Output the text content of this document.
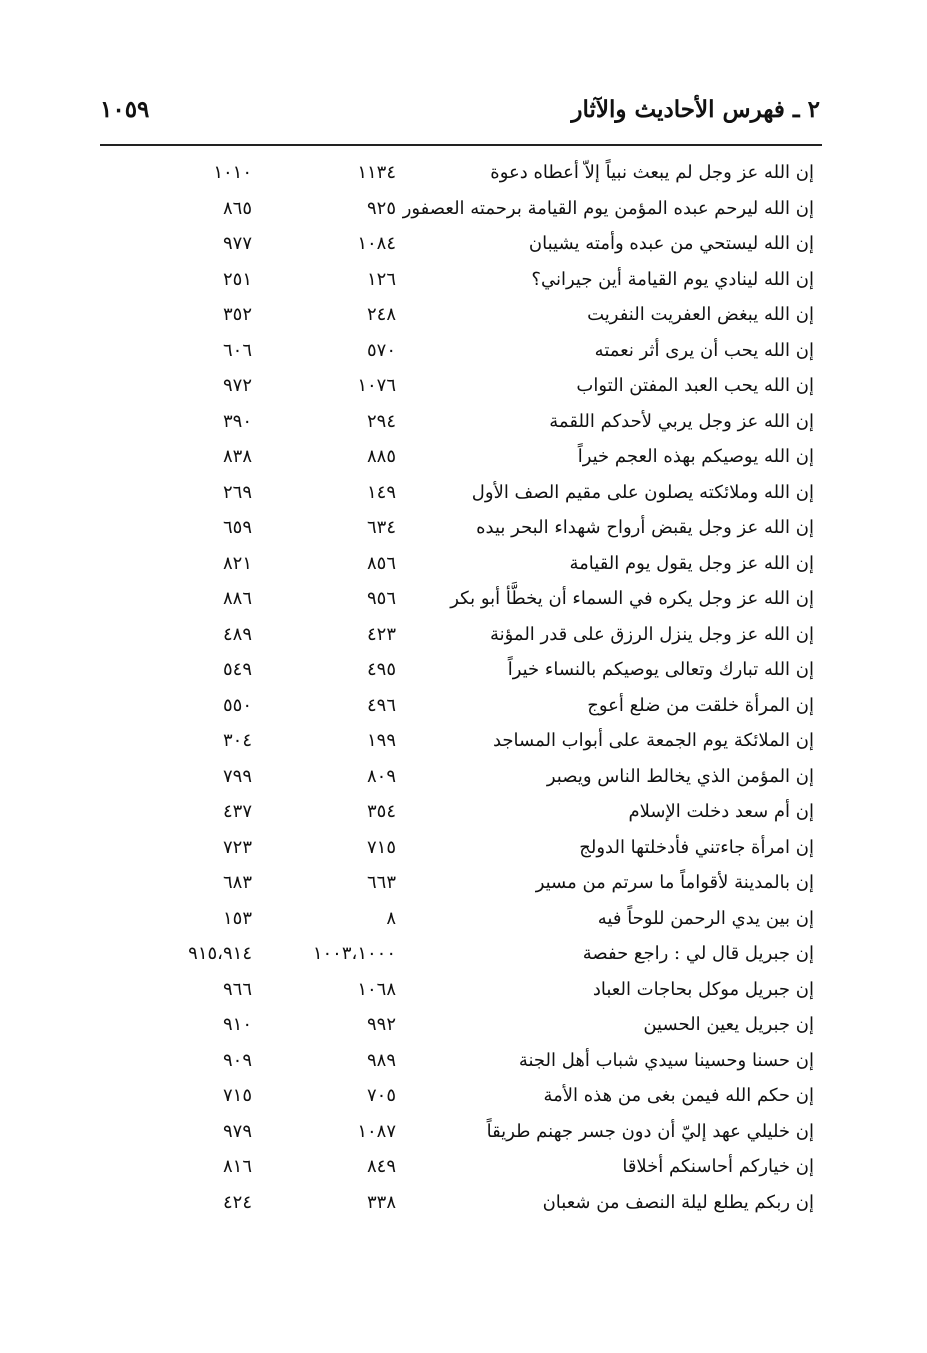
٢ ـ فهرس الأحاديث والآثار
١٠٥٩
إن الله عز وجل لم يبعث نبياً إلاّ أعطاه دعوة
١١٣٤
١٠١٠
إن الله ليرحم عبده المؤمن يوم القيامة برحمته العصفور
٩٢٥
٨٦٥
إن الله ليستحي من عبده وأمته يشيبان
١٠٨٤
٩٧٧
إن الله لينادي يوم القيامة أين جيراني؟
١٢٦
٢٥١
إن الله يبغض العفريت النفريت
٢٤٨
٣٥٢
إن الله يحب أن يرى أثر نعمته
٥٧٠
٦٠٦
إن الله يحب العبد المفتن التواب
١٠٧٦
٩٧٢
إن الله عز وجل يربي لأحدكم اللقمة
٢٩٤
٣٩٠
إن الله يوصيكم بهذه العجم خيراً
٨٨٥
٨٣٨
إن الله وملائكته يصلون على مقيم الصف الأول
١٤٩
٢٦٩
إن الله عز وجل يقبض أرواح شهداء البحر بيده
٦٣٤
٦٥٩
إن الله عز وجل يقول يوم القيامة
٨٥٦
٨٢١
إن الله عز وجل يكره في السماء أن يخطَّأ أبو بكر
٩٥٦
٨٨٦
إن الله عز وجل ينزل الرزق على قدر المؤنة
٤٢٣
٤٨٩
إن الله تبارك وتعالى يوصيكم بالنساء خيراً
٤٩٥
٥٤٩
إن المرأة خلقت من ضلع أعوج
٤٩٦
٥٥٠
إن الملائكة يوم الجمعة على أبواب المساجد
١٩٩
٣٠٤
إن المؤمن الذي يخالط الناس ويصبر
٨٠٩
٧٩٩
إن أم سعد دخلت الإسلام
٣٥٤
٤٣٧
إن امرأة جاءتني فأدخلتها الدولج
٧١٥
٧٢٣
إن بالمدينة لأقواماً ما سرتم من مسير
٦٦٣
٦٨٣
إن بين يدي الرحمن للوحاً فيه
٨
١٥٣
إن جبريل قال لي : راجع حفصة
١٠٠٣،١٠٠٠
٩١٥،٩١٤
إن جبريل موكل بحاجات العباد
١٠٦٨
٩٦٦
إن جبريل يعين الحسين
٩٩٢
٩١٠
إن حسنا وحسينا سيدي شباب أهل الجنة
٩٨٩
٩٠٩
إن حكم الله فيمن بغى من هذه الأمة
٧٠٥
٧١٥
إن خليلي عهد إليّ أن دون جسر جهنم طريقاً
١٠٨٧
٩٧٩
إن خياركم أحاسنكم أخلاقا
٨٤٩
٨١٦
إن ربكم يطلع ليلة النصف من شعبان
٣٣٨
٤٢٤
